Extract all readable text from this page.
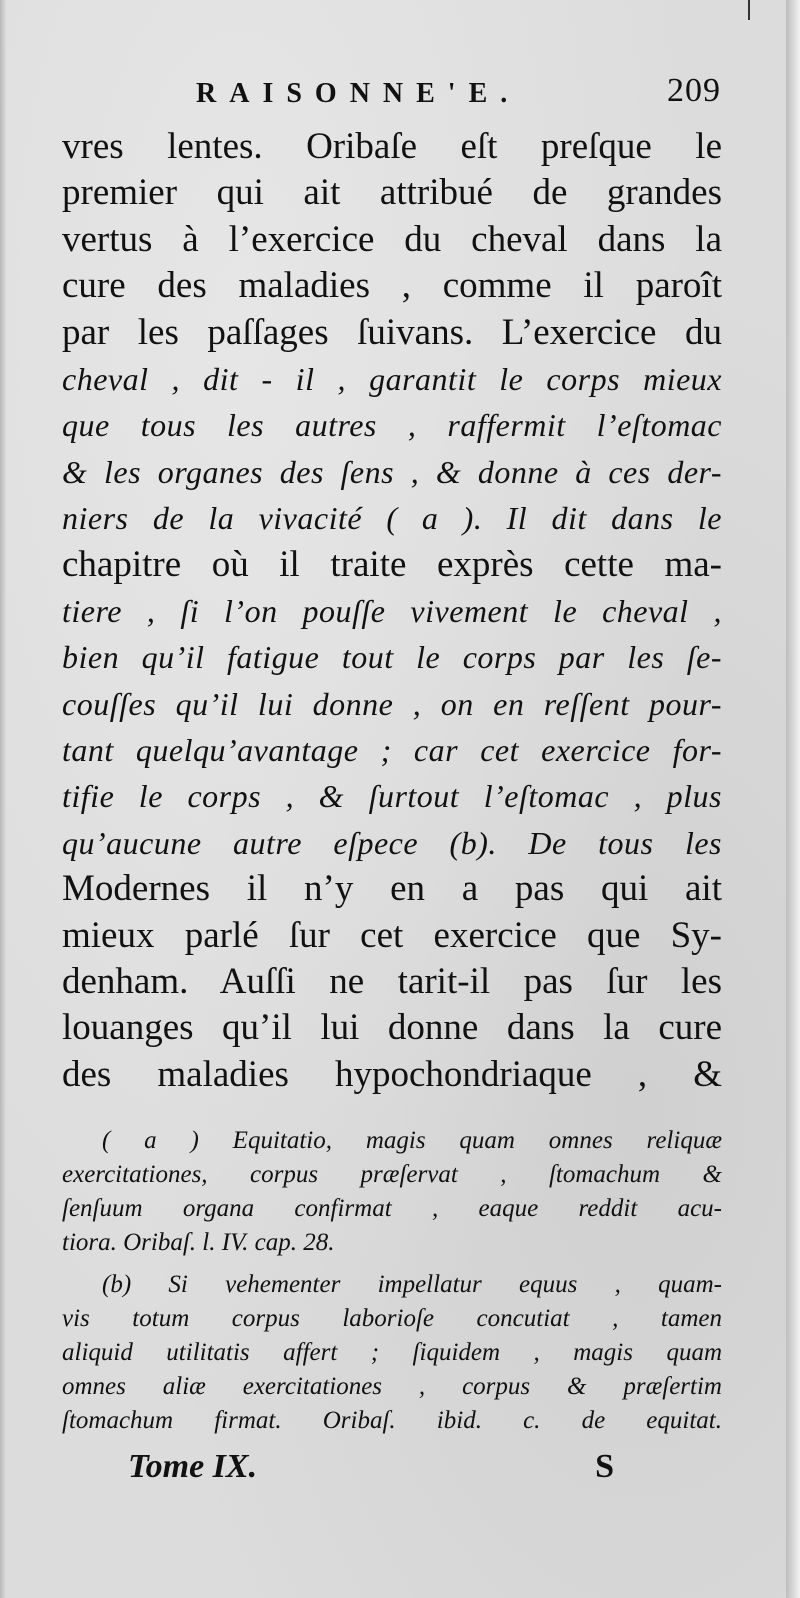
RAISONNE'E.	209
vres lentes. Oribaſe eſt preſque le
premier qui ait attribué de grandes
vertus à l’exercice du cheval dans la
cure des maladies , comme il paroît
par les paſſages ſuivans. L’exercice du
cheval , dit - il , garantit le corps mieux
que tous les autres , raffermit l’eſtomac
& les organes des ſens , & donne à ces der-
niers de la vivacité ( a ). Il dit dans le
chapitre où il traite exprès cette ma-
tiere , ſi l’on pouſſe vivement le cheval ,
bien qu’il fatigue tout le corps par les ſe-
couſſes qu’il lui donne , on en reſſent pour-
tant quelqu’avantage ; car cet exercice for-
tifie le corps , & ſurtout l’eſtomac , plus
qu’aucune autre eſpece (b). De tous les
Modernes il n’y en a pas qui ait
mieux parlé ſur cet exercice que Sy-
denham. Auſſi ne tarit-il pas ſur les
louanges qu’il lui donne dans la cure
des maladies hypochondriaque , &
( a ) Equitatio, magis quam omnes reliquæ
exercitationes, corpus præſervat , ſtomachum &
ſenſuum organa confirmat , eaque reddit acu-
tiora. Oribaſ. l. IV. cap. 28.
(b) Si vehementer impellatur equus , quam-
vis totum corpus laborioſe concutiat , tamen
aliquid utilitatis affert ; ſiquidem , magis quam
omnes aliæ exercitationes , corpus & præſertim
ſtomachum firmat. Oribaſ. ibid. c. de equitat.
Tome IX.	S
